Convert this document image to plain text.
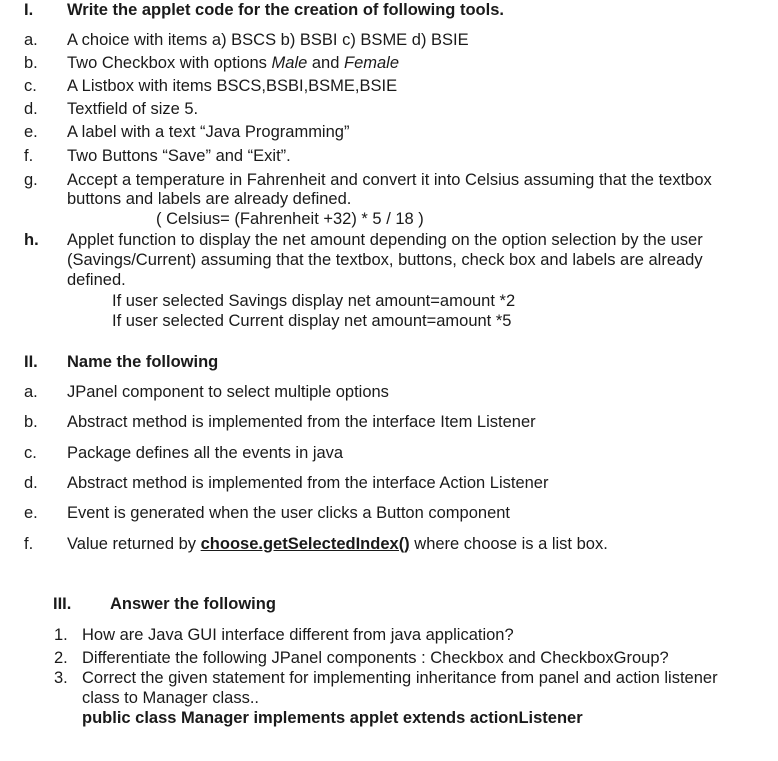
I. Write the applet code for the creation of following tools.
a. A choice with items a) BSCS b) BSBI c) BSME d) BSIE
b. Two Checkbox with options Male and Female
c. A Listbox with items BSCS,BSBI,BSME,BSIE
d. Textfield of size 5.
e. A label with a text “Java Programming”
f. Two Buttons “Save” and “Exit”.
g. Accept a temperature in Fahrenheit and convert it into Celsius assuming that the textbox
buttons and labels are already defined.
( Celsius= (Fahrenheit +32) * 5 / 18 )
h. Applet function to display the net amount depending on the option selection by the user
(Savings/Current) assuming that the textbox, buttons, check box and labels are already
defined.
If user selected Savings display net amount=amount *2
If user selected Current display net amount=amount *5
II. Name the following
a. JPanel component to select multiple options
b. Abstract method is implemented from the interface Item Listener
c. Package defines all the events in java
d. Abstract method is implemented from the interface Action Listener
e. Event is generated when the user clicks a Button component
f. Value returned by choose.getSelectedIndex() where choose is a list box.
III. Answer the following
1. How are Java GUI interface different from java application?
2. Differentiate the following JPanel components : Checkbox and CheckboxGroup?
3. Correct the given statement for implementing inheritance from panel and action listener
class to Manager class..
public class Manager implements applet extends actionListener
